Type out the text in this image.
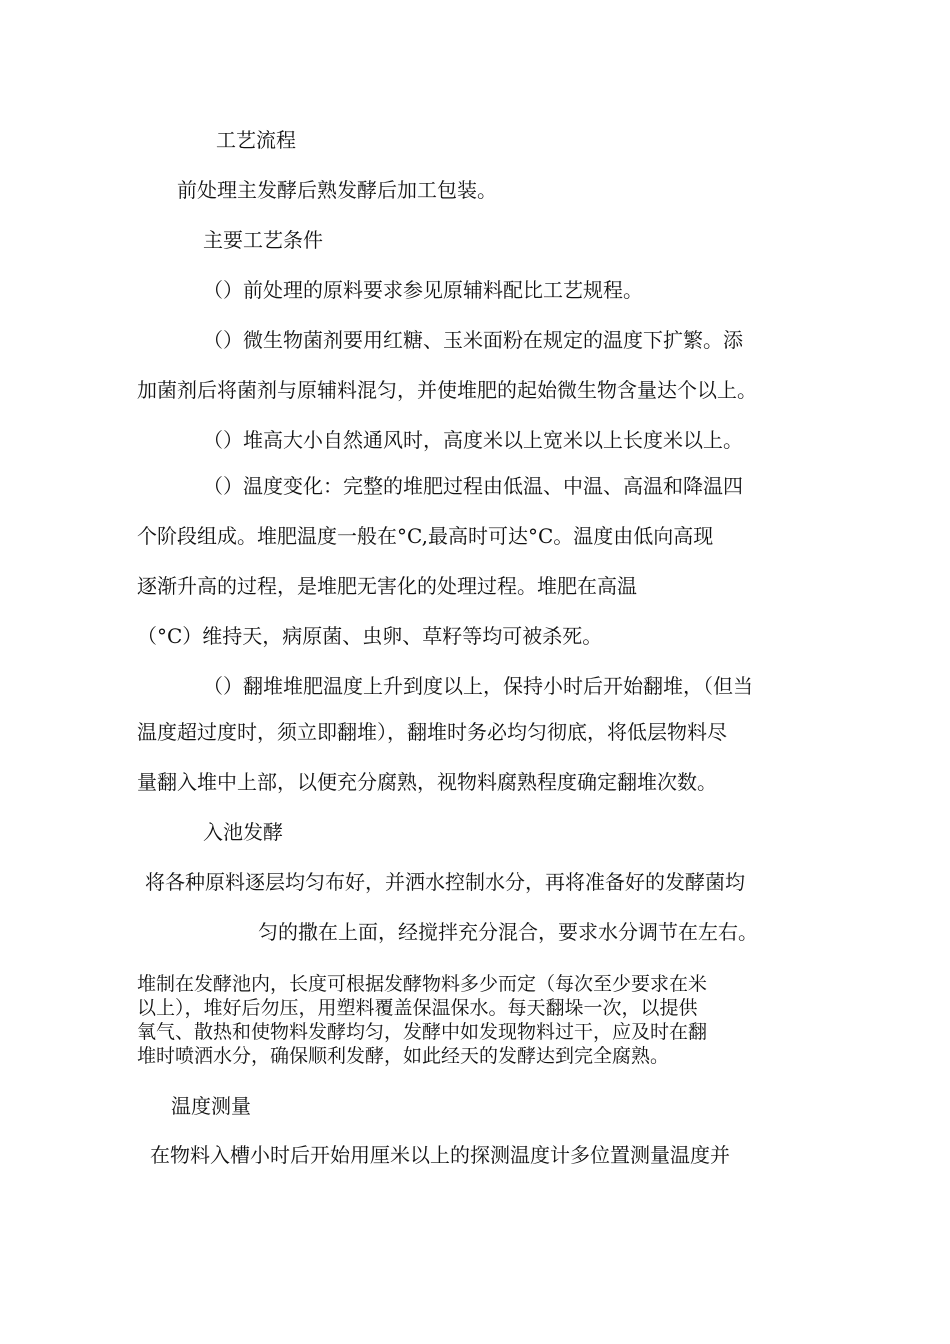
工艺流程

前处理主发酵后熟发酵后加工包装。

主要工艺条件

（）前处理的原料要求参见原辅料配比工艺规程。

（）微生物菌剂要用红糖、玉米面粉在规定的温度下扩繁。添

加菌剂后将菌剂与原辅料混匀，并使堆肥的起始微生物含量达个以上。

（）堆高大小自然通风时，高度米以上宽米以上长度米以上。

（）温度变化：完整的堆肥过程由低温、中温、高温和降温四

个阶段组成。堆肥温度一般在°C,最高时可达°C。温度由低向高现

逐渐升高的过程，是堆肥无害化的处理过程。堆肥在高温

（°C）维持天，病原菌、虫卵、草籽等均可被杀死。

（）翻堆堆肥温度上升到度以上，保持小时后开始翻堆，（但当

温度超过度时，须立即翻堆），翻堆时务必均匀彻底，将低层物料尽

量翻入堆中上部，以便充分腐熟，视物料腐熟程度确定翻堆次数。

入池发酵

将各种原料逐层均匀布好，并洒水控制水分，再将准备好的发酵菌均

匀的撒在上面，经搅拌充分混合，要求水分调节在左右。

堆制在发酵池内，长度可根据发酵物料多少而定（每次至少要求在米

以上），堆好后勿压，用塑料覆盖保温保水。每天翻垛一次，以提供

氧气、散热和使物料发酵均匀，发酵中如发现物料过干，应及时在翻

堆时喷洒水分，确保顺利发酵，如此经天的发酵达到完全腐熟。

温度测量

在物料入槽小时后开始用厘米以上的探测温度计多位置测量温度并
